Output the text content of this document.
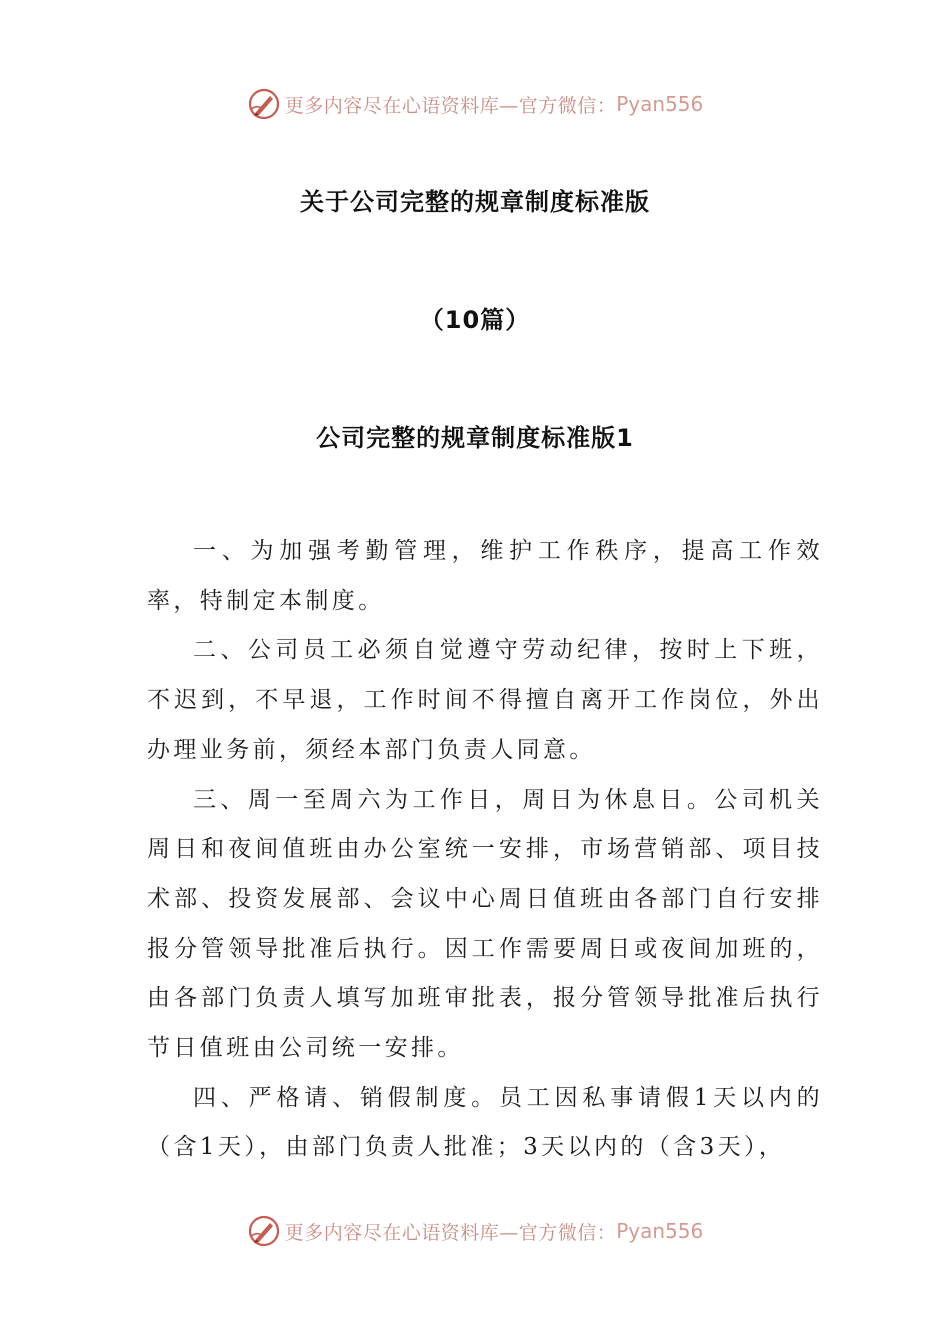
更多内容尽在心语资料库—官方微信： Pyan556
关于公司完整的规章制度标准版
（10篇）
公司完整的规章制度标准版1

一、为加强考勤管理，维护工作秩序，提高工作效率，特制定本制度。

二、公司员工必须自觉遵守劳动纪律，按时上下班，不迟到，不早退，工作时间不得擅自离开工作岗位，外出办理业务前，须经本部门负责人同意。

三、周一至周六为工作日，周日为休息日。公司机关周日和夜间值班由办公室统一安排，市场营销部、项目技术部、投资发展部、会议中心周日值班由各部门自行安排报分管领导批准后执行。因工作需要周日或夜间加班的，由各部门负责人填写加班审批表，报分管领导批准后执行节日值班由公司统一安排。

四、严格请、销假制度。员工因私事请假1天以内的（含1天），由部门负责人批准；3天以内的（含3天），

更多内容尽在心语资料库—官方微信： Pyan556
